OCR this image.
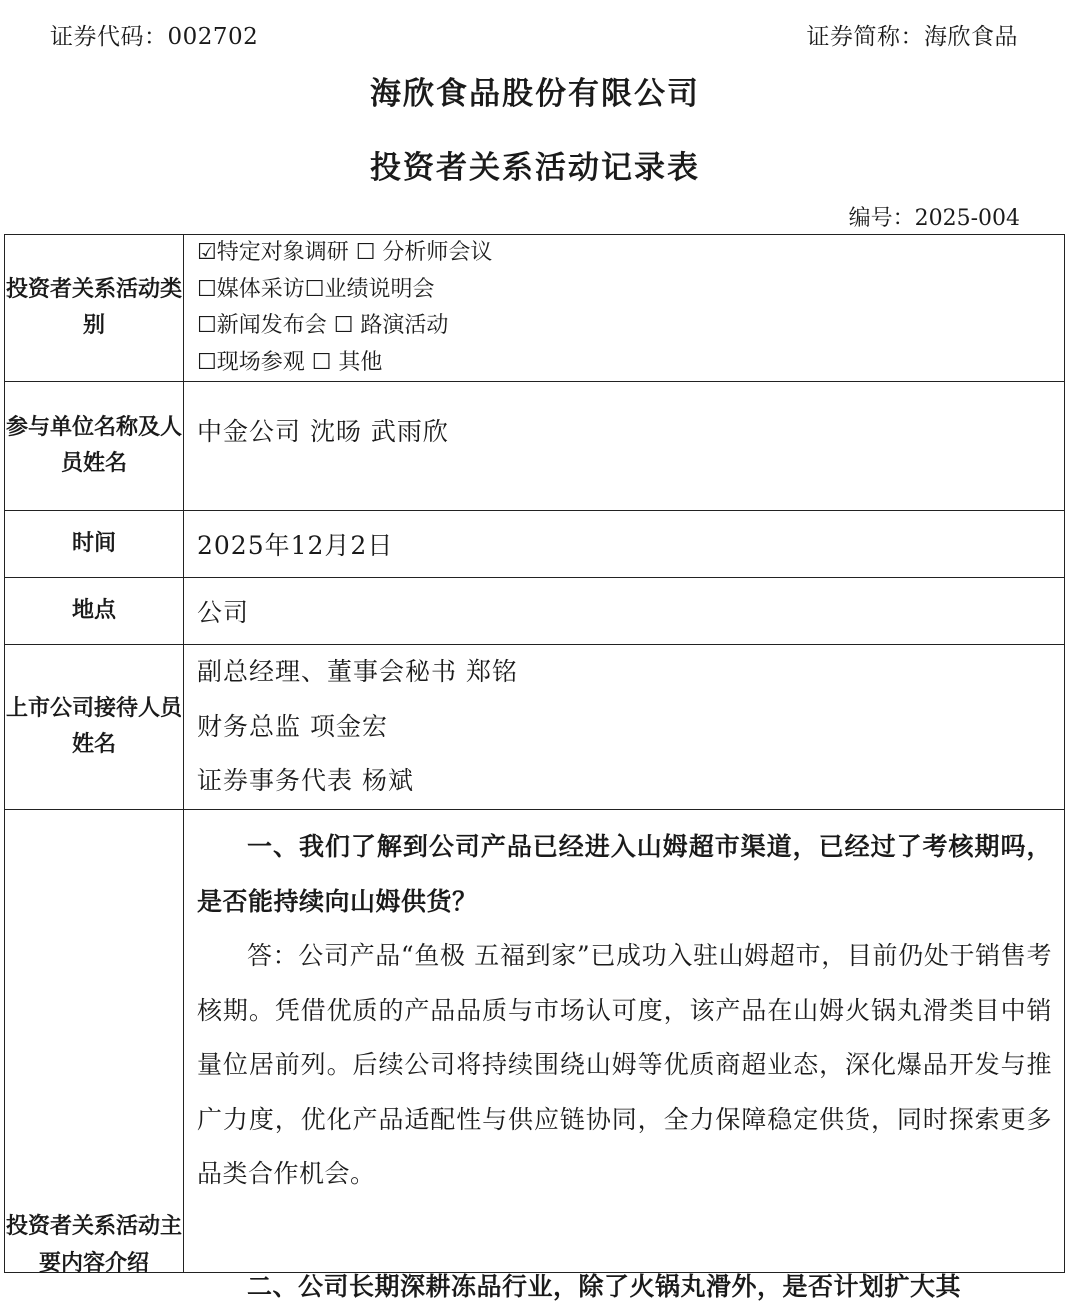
证券代码：002702	证券简称：海欣食品
海欣食品股份有限公司
投资者关系活动记录表
编号：2025-004
投资者关系活动类别	☑特定对象调研 ☐ 分析师会议
☐媒体采访☐业绩说明会
☐新闻发布会 ☐ 路演活动
☐现场参观 ☐ 其他

参与单位名称及人员姓名	中金公司 沈旸 武雨欣
时间	2025年12月2日
地点	公司
上市公司接待人员姓名	副总经理、董事会秘书 郑铭
财务总监 项金宏
证券事务代表 杨斌

投资者关系活动主要内容介绍	一、我们了解到公司产品已经进入山姆超市渠道，已经过了考核期吗，是否能持续向山姆供货？

答：公司产品“鱼极 五福到家”已成功入驻山姆超市，目前仍处于销售考核期。凭借优质的产品品质与市场认可度，该产品在山姆火锅丸滑类目中销量位居前列。后续公司将持续围绕山姆等优质商超业态，深化爆品开发与推广力度，优化产品适配性与供应链协同，全力保障稳定供货，同时探索更多品类合作机会。

二、公司长期深耕冻品行业，除了火锅丸滑外，是否计划扩大其
